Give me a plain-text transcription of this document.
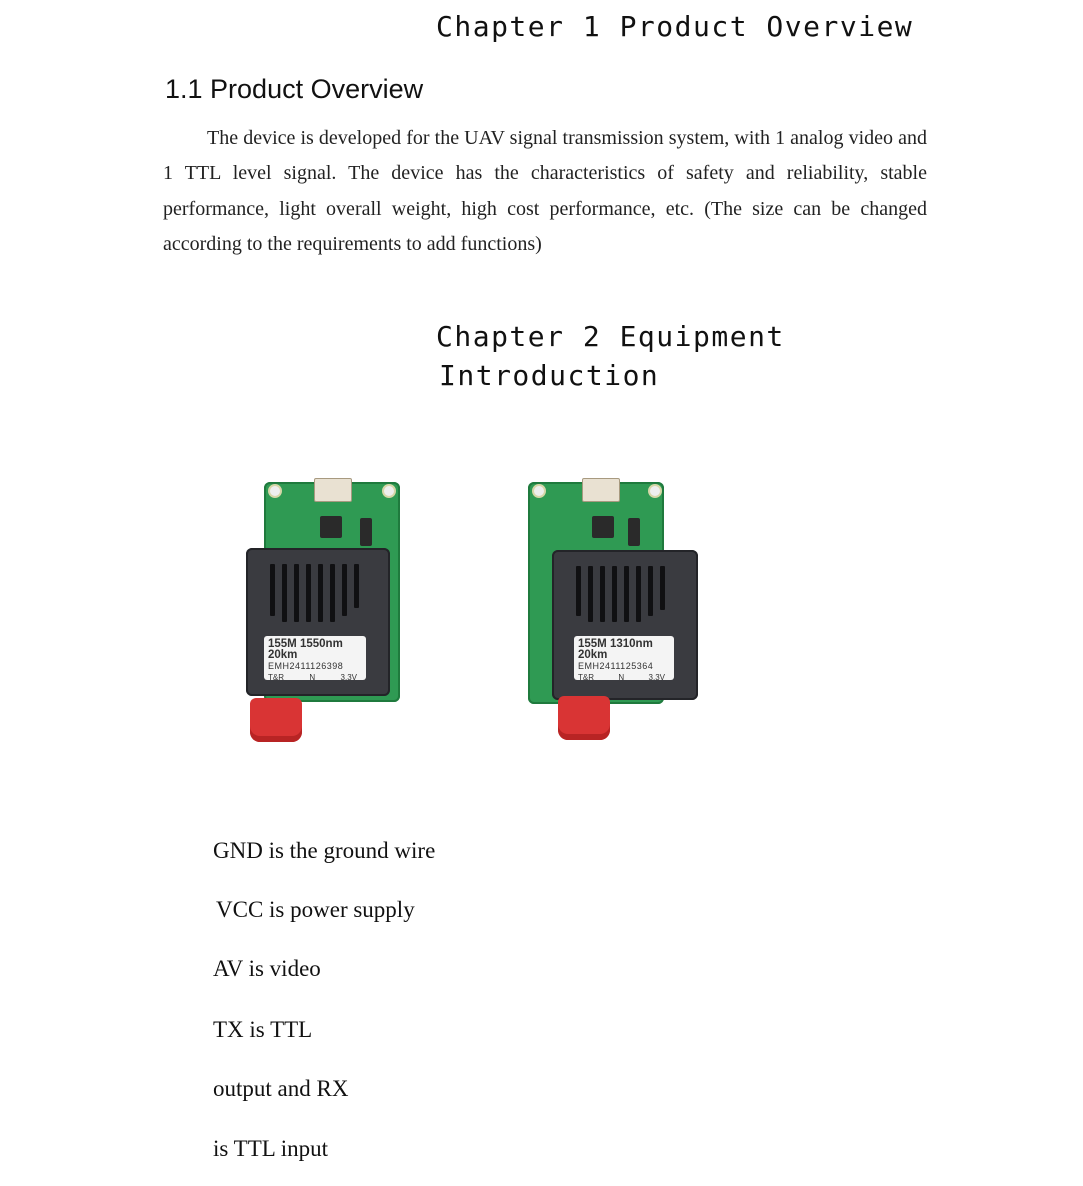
Chapter 1 Product Overview
1.1 Product Overview
The device is developed for the UAV signal transmission system, with 1 analog video and 1 TTL level signal. The device has the characteristics of safety and reliability, stable performance, light overall weight, high cost performance, etc. (The size can be changed according to the requirements to add functions)
Chapter 2 Equipment
Introduction
155M 1550nm 20km
EMH2411126398
T&R	N	3.3V
155M 1310nm 20km
EMH2411125364
T&R	N	3.3V
GND is the ground wire
VCC is power supply
AV is video
TX is TTL
output and RX
is TTL input
